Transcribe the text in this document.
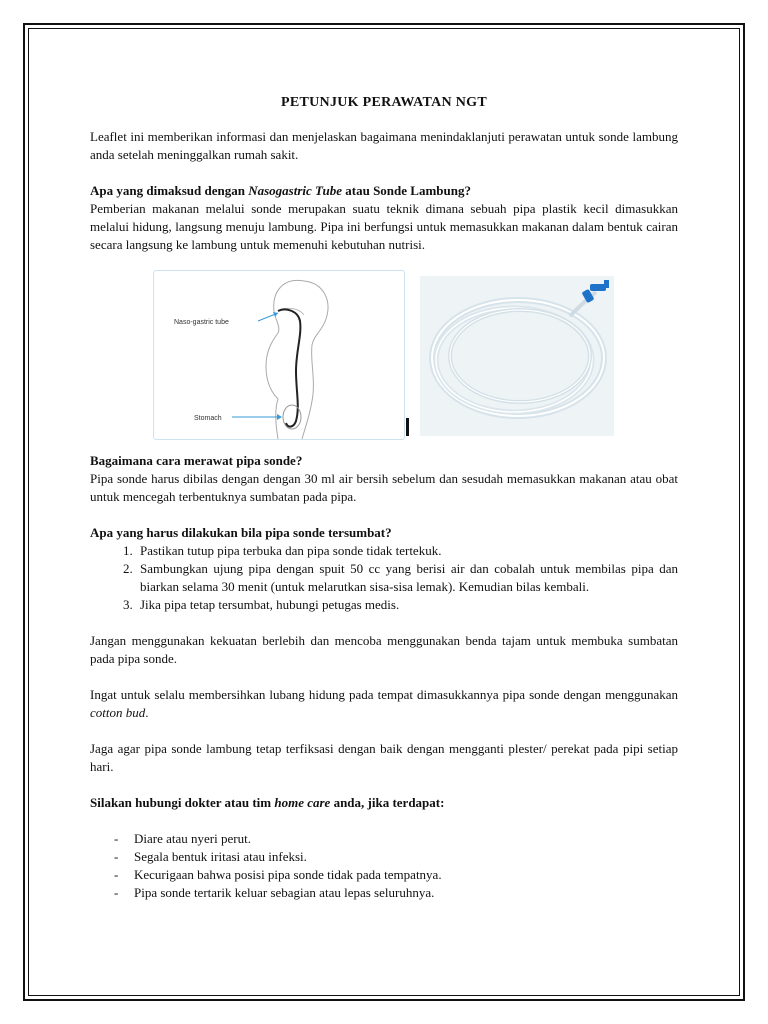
PETUNJUK PERAWATAN NGT

Leaflet ini memberikan informasi dan menjelaskan bagaimana menindaklanjuti perawatan untuk sonde lambung anda setelah meninggalkan rumah sakit.

Apa yang dimaksud dengan Nasogastric Tube atau Sonde Lambung?

Pemberian makanan melalui sonde merupakan suatu teknik dimana sebuah pipa plastik kecil dimasukkan melalui hidung, langsung menuju lambung. Pipa ini berfungsi untuk memasukkan makanan dalam bentuk cairan secara langsung ke lambung untuk memenuhi kebutuhan nutrisi.

Naso-gastric tube
Stomach

Bagaimana cara merawat pipa sonde?

Pipa sonde harus dibilas dengan dengan 30 ml air bersih sebelum dan sesudah memasukkan makanan atau obat untuk mencegah terbentuknya sumbatan pada pipa.

Apa yang harus dilakukan bila pipa sonde tersumbat?

1. Pastikan tutup pipa terbuka dan pipa sonde tidak tertekuk.
2. Sambungkan ujung pipa dengan spuit 50 cc yang berisi air dan cobalah untuk membilas pipa dan biarkan selama 30 menit (untuk melarutkan sisa-sisa lemak). Kemudian bilas kembali.
3. Jika pipa tetap tersumbat, hubungi petugas medis.

Jangan menggunakan kekuatan berlebih dan mencoba menggunakan benda tajam untuk membuka sumbatan pada pipa sonde.

Ingat untuk selalu membersihkan lubang hidung pada tempat dimasukkannya pipa sonde dengan menggunakan cotton bud.

Jaga agar pipa sonde lambung tetap terfiksasi dengan baik dengan mengganti plester/ perekat pada pipi setiap hari.

Silakan hubungi dokter atau tim home care anda, jika terdapat:

- Diare atau nyeri perut.
- Segala bentuk iritasi atau infeksi.
- Kecurigaan bahwa posisi pipa sonde tidak pada tempatnya.
- Pipa sonde tertarik keluar sebagian atau lepas seluruhnya.
